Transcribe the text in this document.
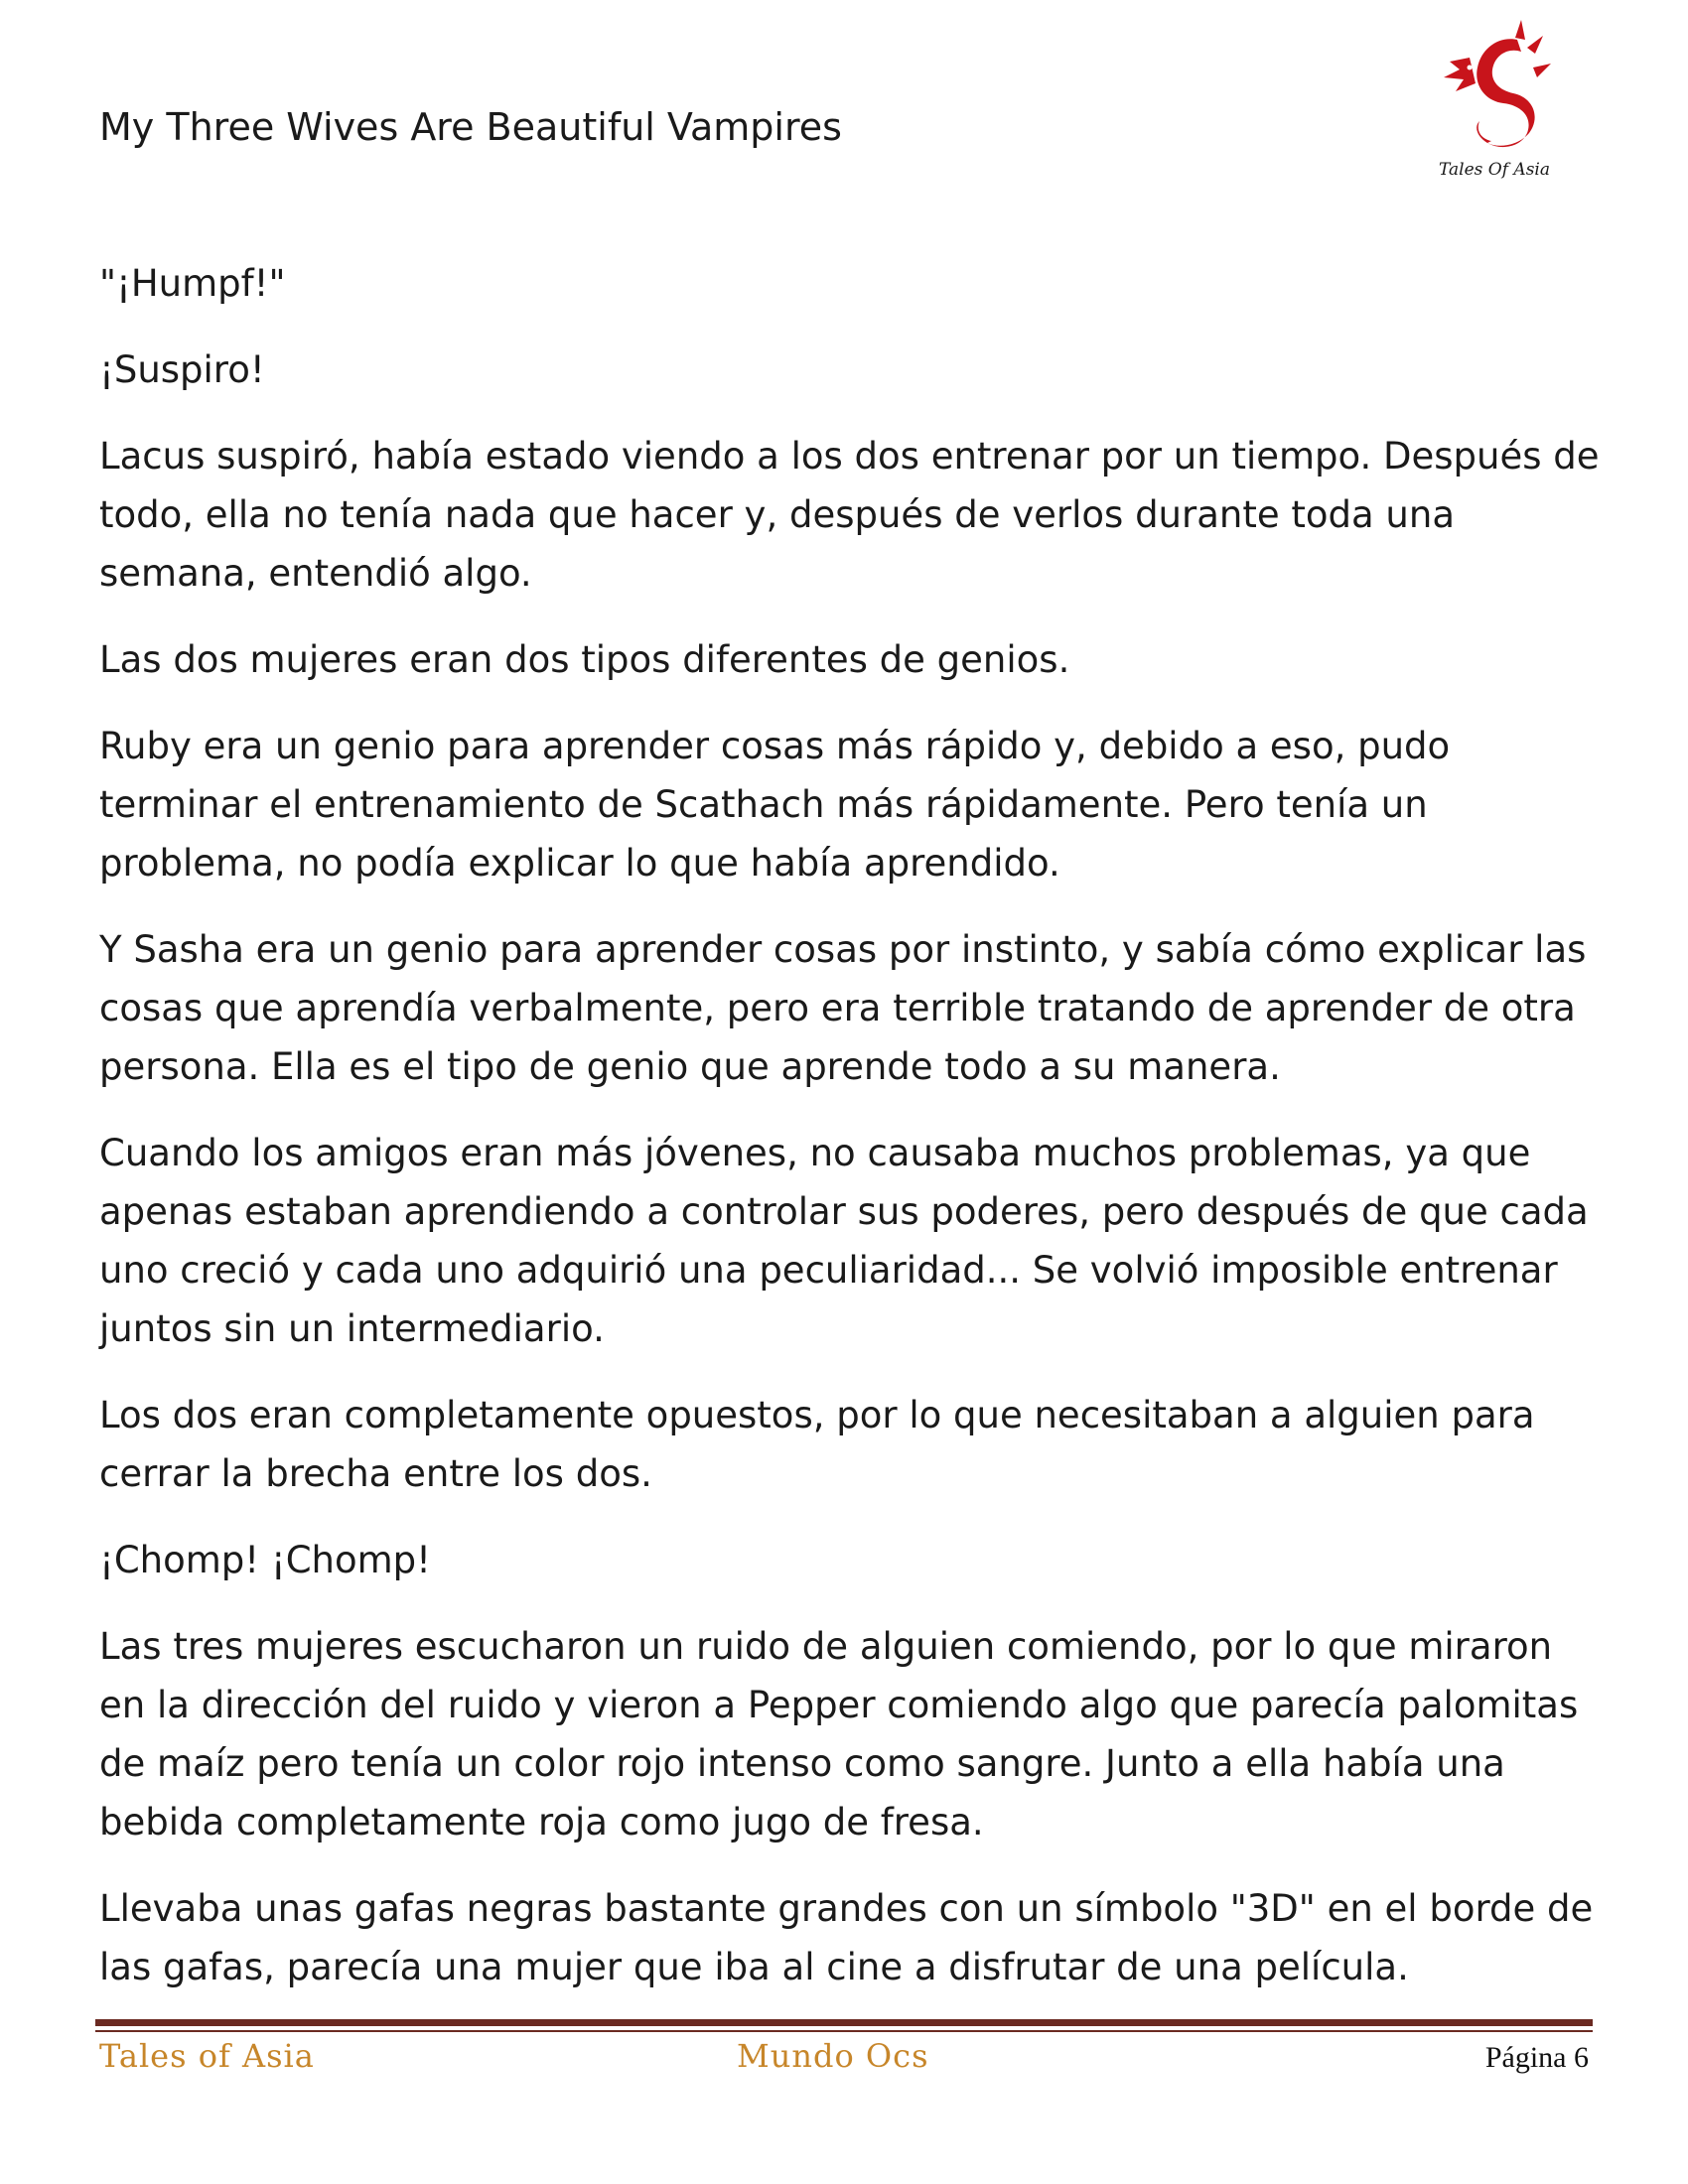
My Three Wives Are Beautiful Vampires
Tales Of Asia

"¡Humpf!"

¡Suspiro!

Lacus suspiró, había estado viendo a los dos entrenar por un tiempo. Después de todo, ella no tenía nada que hacer y, después de verlos durante toda una semana, entendió algo.

Las dos mujeres eran dos tipos diferentes de genios.

Ruby era un genio para aprender cosas más rápido y, debido a eso, pudo terminar el entrenamiento de Scathach más rápidamente. Pero tenía un problema, no podía explicar lo que había aprendido.

Y Sasha era un genio para aprender cosas por instinto, y sabía cómo explicar las cosas que aprendía verbalmente, pero era terrible tratando de aprender de otra persona. Ella es el tipo de genio que aprende todo a su manera.

Cuando los amigos eran más jóvenes, no causaba muchos problemas, ya que apenas estaban aprendiendo a controlar sus poderes, pero después de que cada uno creció y cada uno adquirió una peculiaridad... Se volvió imposible entrenar juntos sin un intermediario.

Los dos eran completamente opuestos, por lo que necesitaban a alguien para cerrar la brecha entre los dos.

¡Chomp! ¡Chomp!

Las tres mujeres escucharon un ruido de alguien comiendo, por lo que miraron en la dirección del ruido y vieron a Pepper comiendo algo que parecía palomitas de maíz pero tenía un color rojo intenso como sangre. Junto a ella había una bebida completamente roja como jugo de fresa.

Llevaba unas gafas negras bastante grandes con un símbolo "3D" en el borde de las gafas, parecía una mujer que iba al cine a disfrutar de una película.

Tales of Asia	Mundo Ocs	Página 6
